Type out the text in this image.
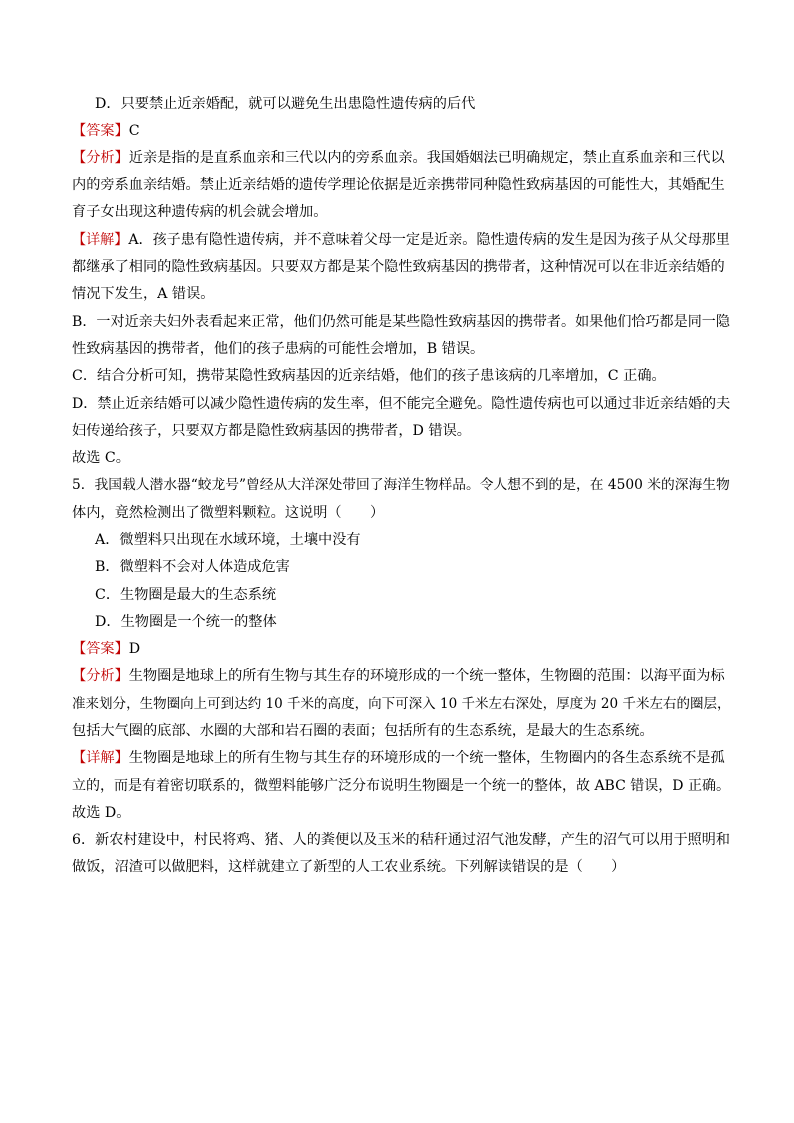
D．只要禁止近亲婚配，就可以避免生出患隐性遗传病的后代
【答案】C
【分析】近亲是指的是直系血亲和三代以内的旁系血亲。我国婚姻法已明确规定，禁止直系血亲和三代以
内的旁系血亲结婚。禁止近亲结婚的遗传学理论依据是近亲携带同种隐性致病基因的可能性大，其婚配生
育子女出现这种遗传病的机会就会增加。
【详解】A．孩子患有隐性遗传病，并不意味着父母一定是近亲。隐性遗传病的发生是因为孩子从父母那里
都继承了相同的隐性致病基因。只要双方都是某个隐性致病基因的携带者，这种情况可以在非近亲结婚的
情况下发生，A 错误。
B．一对近亲夫妇外表看起来正常，他们仍然可能是某些隐性致病基因的携带者。如果他们恰巧都是同一隐
性致病基因的携带者，他们的孩子患病的可能性会增加，B 错误。
C．结合分析可知，携带某隐性致病基因的近亲结婚，他们的孩子患该病的几率增加，C 正确。
D．禁止近亲结婚可以减少隐性遗传病的发生率，但不能完全避免。隐性遗传病也可以通过非近亲结婚的夫
妇传递给孩子，只要双方都是隐性致病基因的携带者，D 错误。
故选 C。
5．我国载人潜水器“蛟龙号”曾经从大洋深处带回了海洋生物样品。令人想不到的是，在 4500 米的深海生物
体内，竟然检测出了微塑料颗粒。这说明（　　）
A．微塑料只出现在水域环境，土壤中没有
B．微塑料不会对人体造成危害
C．生物圈是最大的生态系统
D．生物圈是一个统一的整体
【答案】D
【分析】生物圈是地球上的所有生物与其生存的环境形成的一个统一整体，生物圈的范围：以海平面为标
准来划分，生物圈向上可到达约 10 千米的高度，向下可深入 10 千米左右深处，厚度为 20 千米左右的圈层，
包括大气圈的底部、水圈的大部和岩石圈的表面；包括所有的生态系统，是最大的生态系统。
【详解】生物圈是地球上的所有生物与其生存的环境形成的一个统一整体，生物圈内的各生态系统不是孤
立的，而是有着密切联系的，微塑料能够广泛分布说明生物圈是一个统一的整体，故 ABC 错误，D 正确。
故选 D。
6．新农村建设中，村民将鸡、猪、人的粪便以及玉米的秸秆通过沼气池发酵，产生的沼气可以用于照明和
做饭，沼渣可以做肥料，这样就建立了新型的人工农业系统。下列解读错误的是（　　）
